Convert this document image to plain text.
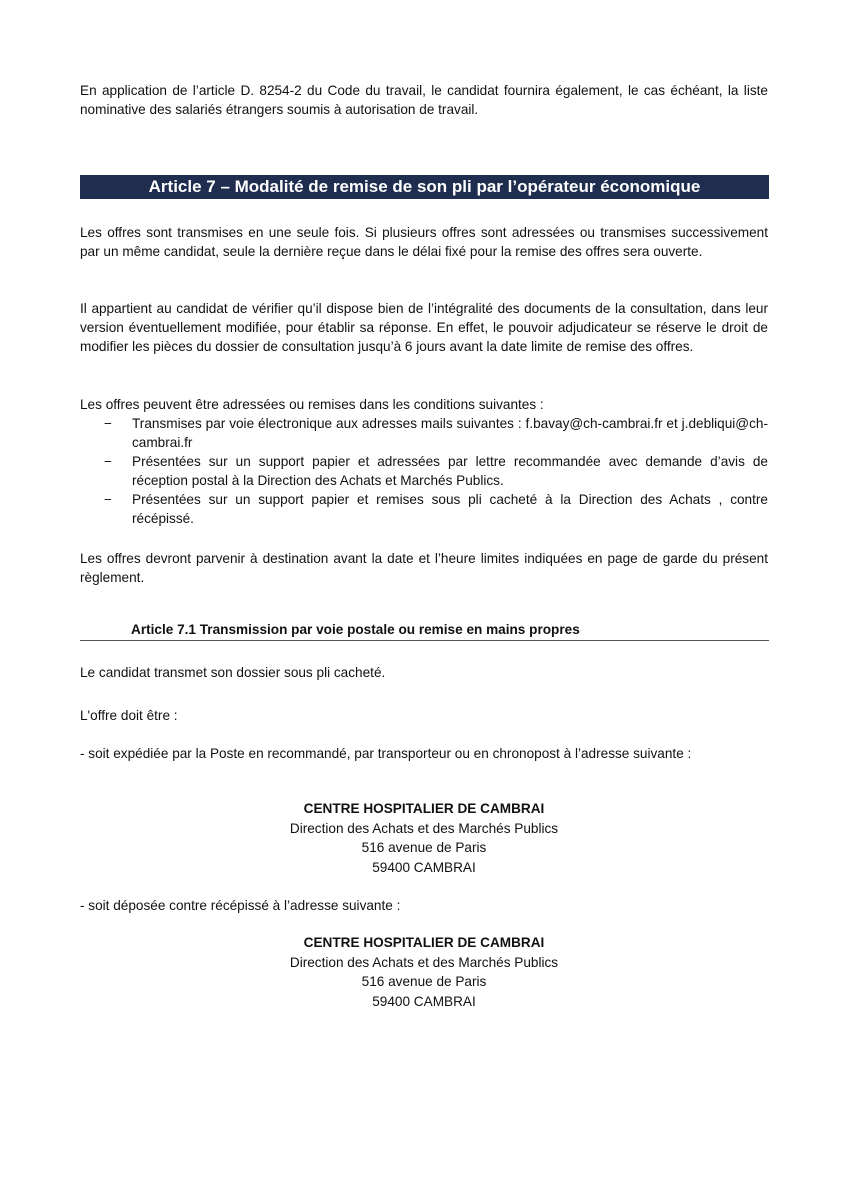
En application de l’article D. 8254-2 du Code du travail, le candidat fournira également, le cas échéant, la liste nominative des salariés étrangers soumis à autorisation de travail.

Article 7 – Modalité de remise de son pli par l’opérateur économique

Les offres sont transmises en une seule fois. Si plusieurs offres sont adressées ou transmises successivement par un même candidat, seule la dernière reçue dans le délai fixé pour la remise des offres sera ouverte.

Il appartient au candidat de vérifier qu’il dispose bien de l’intégralité des documents de la consultation, dans leur version éventuellement modifiée, pour établir sa réponse. En effet, le pouvoir adjudicateur se réserve le droit de modifier les pièces du dossier de consultation jusqu’à 6 jours avant la date limite de remise des offres.

Les offres peuvent être adressées ou remises dans les conditions suivantes :

− Transmises par voie électronique aux adresses mails suivantes : f.bavay@ch-cambrai.fr et j.debliqui@ch-cambrai.fr
− Présentées sur un support papier et adressées par lettre recommandée avec demande d’avis de réception postal à la Direction des Achats et Marchés Publics.
− Présentées sur un support papier et remises sous pli cacheté à la Direction des Achats , contre récépissé.

Les offres devront parvenir à destination avant la date et l’heure limites indiquées en page de garde du présent règlement.

Article 7.1 Transmission par voie postale ou remise en mains propres

Le candidat transmet son dossier sous pli cacheté.

L'offre doit être :

- soit expédiée par la Poste en recommandé, par transporteur ou en chronopost à l’adresse suivante :

CENTRE HOSPITALIER DE CAMBRAI
Direction des Achats et des Marchés Publics
516 avenue de Paris
59400 CAMBRAI

- soit déposée contre récépissé à l’adresse suivante :

CENTRE HOSPITALIER DE CAMBRAI
Direction des Achats et des Marchés Publics
516 avenue de Paris
59400 CAMBRAI
